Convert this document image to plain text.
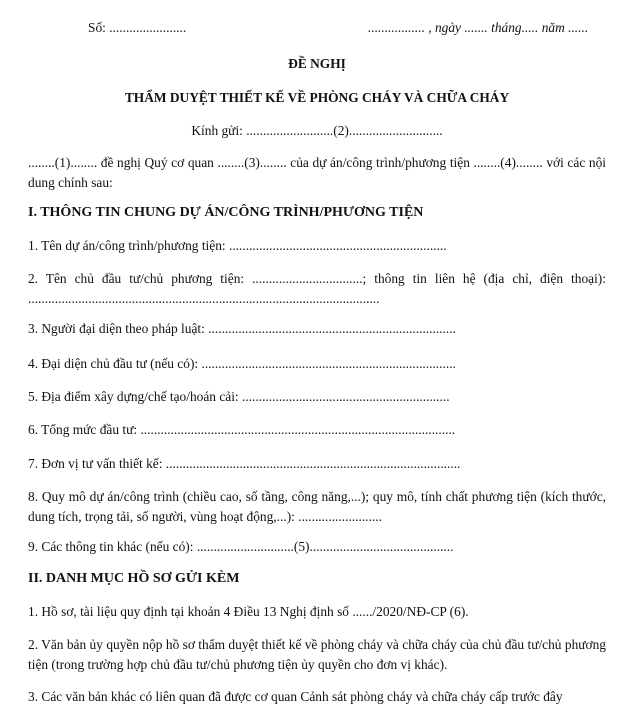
Số: .......................	................. , ngày ....... tháng..... năm ......
ĐỀ NGHỊ
THẨM DUYỆT THIẾT KẾ VỀ PHÒNG CHÁY VÀ CHỮA CHÁY
Kính gửi: ..........................(2)............................
........(1)........ đề nghị Quý cơ quan ........(3)........ của dự án/công trình/phương tiện ........(4)........ với các nội dung chính sau:
I. THÔNG TIN CHUNG DỰ ÁN/CÔNG TRÌNH/PHƯƠNG TIỆN
1. Tên dự án/công trình/phương tiện: .................................................................
2. Tên chủ đầu tư/chủ phương tiện: .................................; thông tin liên hệ (địa chỉ, điện thoại): .........................................................................................................
3. Người đại diện theo pháp luật: ..........................................................................
4. Đại diện chủ đầu tư (nếu có): ............................................................................
5. Địa điểm xây dựng/chế tạo/hoán cải: ..............................................................
6. Tổng mức đầu tư: ..............................................................................................
7. Đơn vị tư vấn thiết kế: ........................................................................................
8. Quy mô dự án/công trình (chiều cao, số tầng, công năng,...); quy mô, tính chất phương tiện (kích thước, dung tích, trọng tải, số người, vùng hoạt động,...): .........................
9. Các thông tin khác (nếu có): .............................(5)...........................................
II. DANH MỤC HỒ SƠ GỬI KÈM
1. Hồ sơ, tài liệu quy định tại khoản 4 Điều 13 Nghị định số ....../2020/NĐ-CP (6).
2. Văn bản ủy quyền nộp hồ sơ thẩm duyệt thiết kế về phòng cháy và chữa cháy của chủ đầu tư/chủ phương tiện (trong trường hợp chủ đầu tư/chủ phương tiện ủy quyền cho đơn vị khác).
3. Các văn bản khác có liên quan đã được cơ quan Cảnh sát phòng cháy và chữa cháy cấp trước đây
